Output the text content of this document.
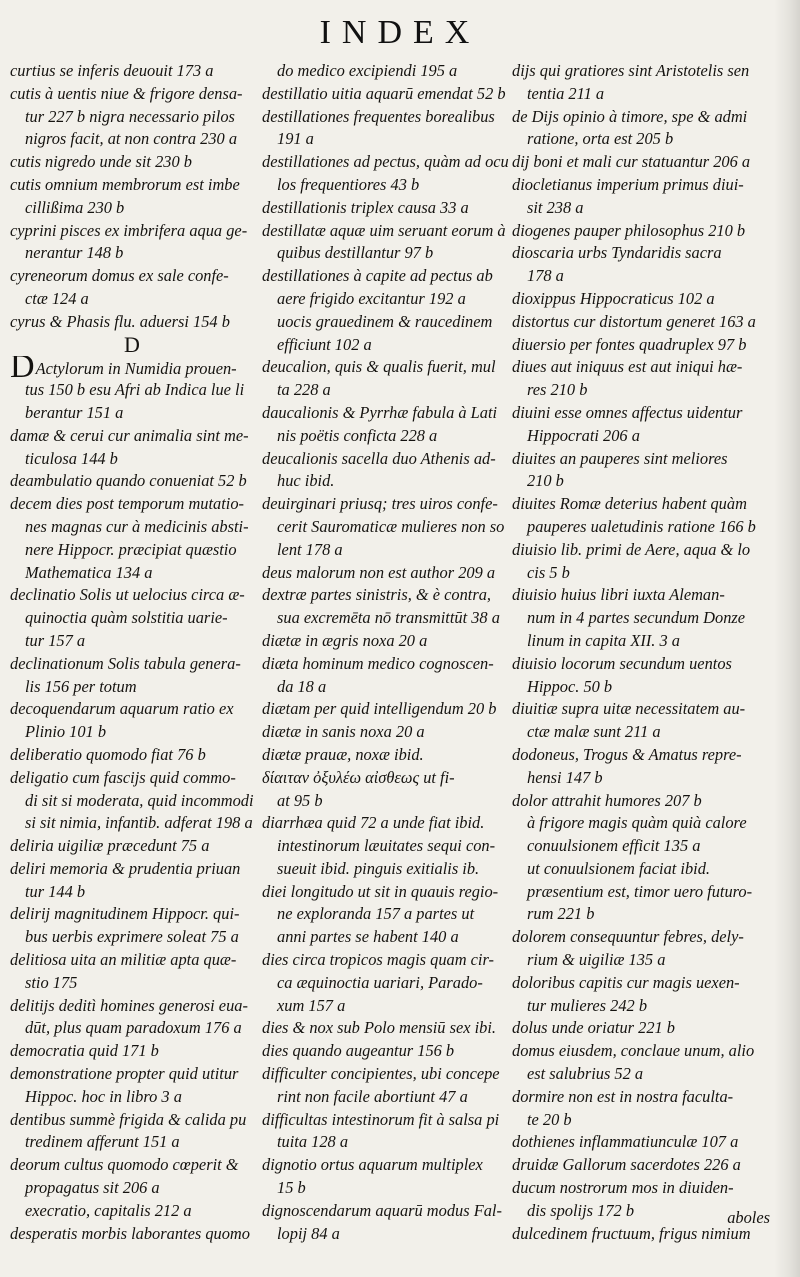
INDEX
curtius se inferis deuouit 173 a
cutis à uentis niue & frigore densa-
tur 227 b nigra necessario pilos
nigros facit, at non contra 230 a
cutis nigredo unde sit 230 b
cutis omnium membrorum est imbe
cillißima 230 b
cyprini pisces ex imbrifera aqua ge-
nerantur 148 b
cyreneorum domus ex sale confe-
ctæ 124 a
cyrus & Phasis flu. aduersi 154 b
D
DActylorum in Numidia prouen-
tus 150 b esu Afri ab Indica lue li
berantur 151 a
damæ & cerui cur animalia sint me-
ticulosa 144 b
deambulatio quando conueniat 52 b
decem dies post temporum mutatio-
nes magnas cur à medicinis absti-
nere Hippocr. præcipiat quæstio
Mathematica 134 a
declinatio Solis ut uelocius circa æ-
quinoctia quàm solstitia uarie-
tur 157 a
declinationum Solis tabula genera-
lis 156 per totum
decoquendarum aquarum ratio ex
Plinio 101 b
deliberatio quomodo fiat 76 b
deligatio cum fascijs quid commo-
di sit si moderata, quid incommodi
si sit nimia, infantib. adferat 198 a
deliria uigiliæ præcedunt 75 a
deliri memoria & prudentia priuan
tur 144 b
delirij magnitudinem Hippocr. qui-
bus uerbis exprimere soleat 75 a
delitiosa uita an militiæ apta quæ-
stio 175
delitijs deditì homines generosi eua-
dūt, plus quam paradoxum 176 a
democratia quid 171 b
demonstratione propter quid utitur
Hippoc. hoc in libro 3 a
dentibus summè frigida & calida pu
tredinem afferunt 151 a
deorum cultus quomodo cœperit &
propagatus sit 206 a
execratio, capitalis 212 a
desperatis morbis laborantes quomo
do medico excipiendi 195 a
destillatio uitia aquarū emendat 52 b
destillationes frequentes borealibus
191 a
destillationes ad pectus, quàm ad ocu
los frequentiores 43 b
destillationis triplex causa 33 a
destillatæ aquæ uim seruant eorum à
quibus destillantur 97 b
destillationes à capite ad pectus ab
aere frigido excitantur 192 a
uocis grauedinem & raucedinem
efficiunt 102 a
deucalion, quis & qualis fuerit, mul
ta 228 a
daucalionis & Pyrrhæ fabula à Lati
nis poëtis conficta 228 a
deucalionis sacella duo Athenis ad-
huc ibid.
deuirginari priusq; tres uiros confe-
cerit Sauromaticæ mulieres non so
lent 178 a
deus malorum non est author 209 a
dextræ partes sinistris, & è contra,
sua excremēta nō transmittūt 38 a
diætæ in ægris noxa 20 a
diæta hominum medico cognoscen-
da 18 a
diætam per quid intelligendum 20 b
diætæ in sanis noxa 20 a
diætæ prauæ, noxæ ibid.
δίαιταν ὀξυλέω αἰσθεως ut fi-
at 95 b
diarrhæa quid 72 a unde fiat ibid.
intestinorum læuitates sequi con-
sueuit ibid. pinguis exitialis ib.
diei longitudo ut sit in quauis regio-
ne exploranda 157 a partes ut
anni partes se habent 140 a
dies circa tropicos magis quam cir-
ca æquinoctia uariari, Parado-
xum 157 a
dies & nox sub Polo mensiū sex ibi.
dies quando augeantur 156 b
difficulter concipientes, ubi concepe
rint non facile abortiunt 47 a
difficultas intestinorum fit à salsa pi
tuita 128 a
dignotio ortus aquarum multiplex
15 b
dignoscendarum aquarū modus Fal-
lopij 84 a
dijs qui gratiores sint Aristotelis sen
tentia 211 a
de Dijs opinio à timore, spe & admi
ratione, orta est 205 b
dij boni et mali cur statuantur 206 a
diocletianus imperium primus diui-
sit 238 a
diogenes pauper philosophus 210 b
dioscaria urbs Tyndaridis sacra
178 a
dioxippus Hippocraticus 102 a
distortus cur distortum generet 163 a
diuersio per fontes quadruplex 97 b
diues aut iniquus est aut iniqui hæ-
res 210 b
diuini esse omnes affectus uidentur
Hippocrati 206 a
diuites an pauperes sint meliores
210 b
diuites Romæ deterius habent quàm
pauperes ualetudinis ratione 166 b
diuisio lib. primi de Aere, aqua & lo
cis 5 b
diuisio huius libri iuxta Aleman-
num in 4 partes secundum Donze
linum in capita XII. 3 a
diuisio locorum secundum uentos
Hippoc. 50 b
diuitiæ supra uitæ necessitatem au-
ctæ malæ sunt 211 a
dodoneus, Trogus & Amatus repre-
hensi 147 b
dolor attrahit humores 207 b
à frigore magis quàm quià calore
conuulsionem efficit 135 a
ut conuulsionem faciat ibid.
præsentium est, timor uero futuro-
rum 221 b
dolorem consequuntur febres, dely-
rium & uigiliæ 135 a
doloribus capitis cur magis uexen-
tur mulieres 242 b
dolus unde oriatur 221 b
domus eiusdem, conclaue unum, alio
est salubrius 52 a
dormire non est in nostra faculta-
te 20 b
dothienes inflammatiunculæ 107 a
druidæ Gallorum sacerdotes 226 a
ducum nostrorum mos in diuiden-
dis spolijs 172 b
dulcedinem fructuum, frigus nimium
aboles
